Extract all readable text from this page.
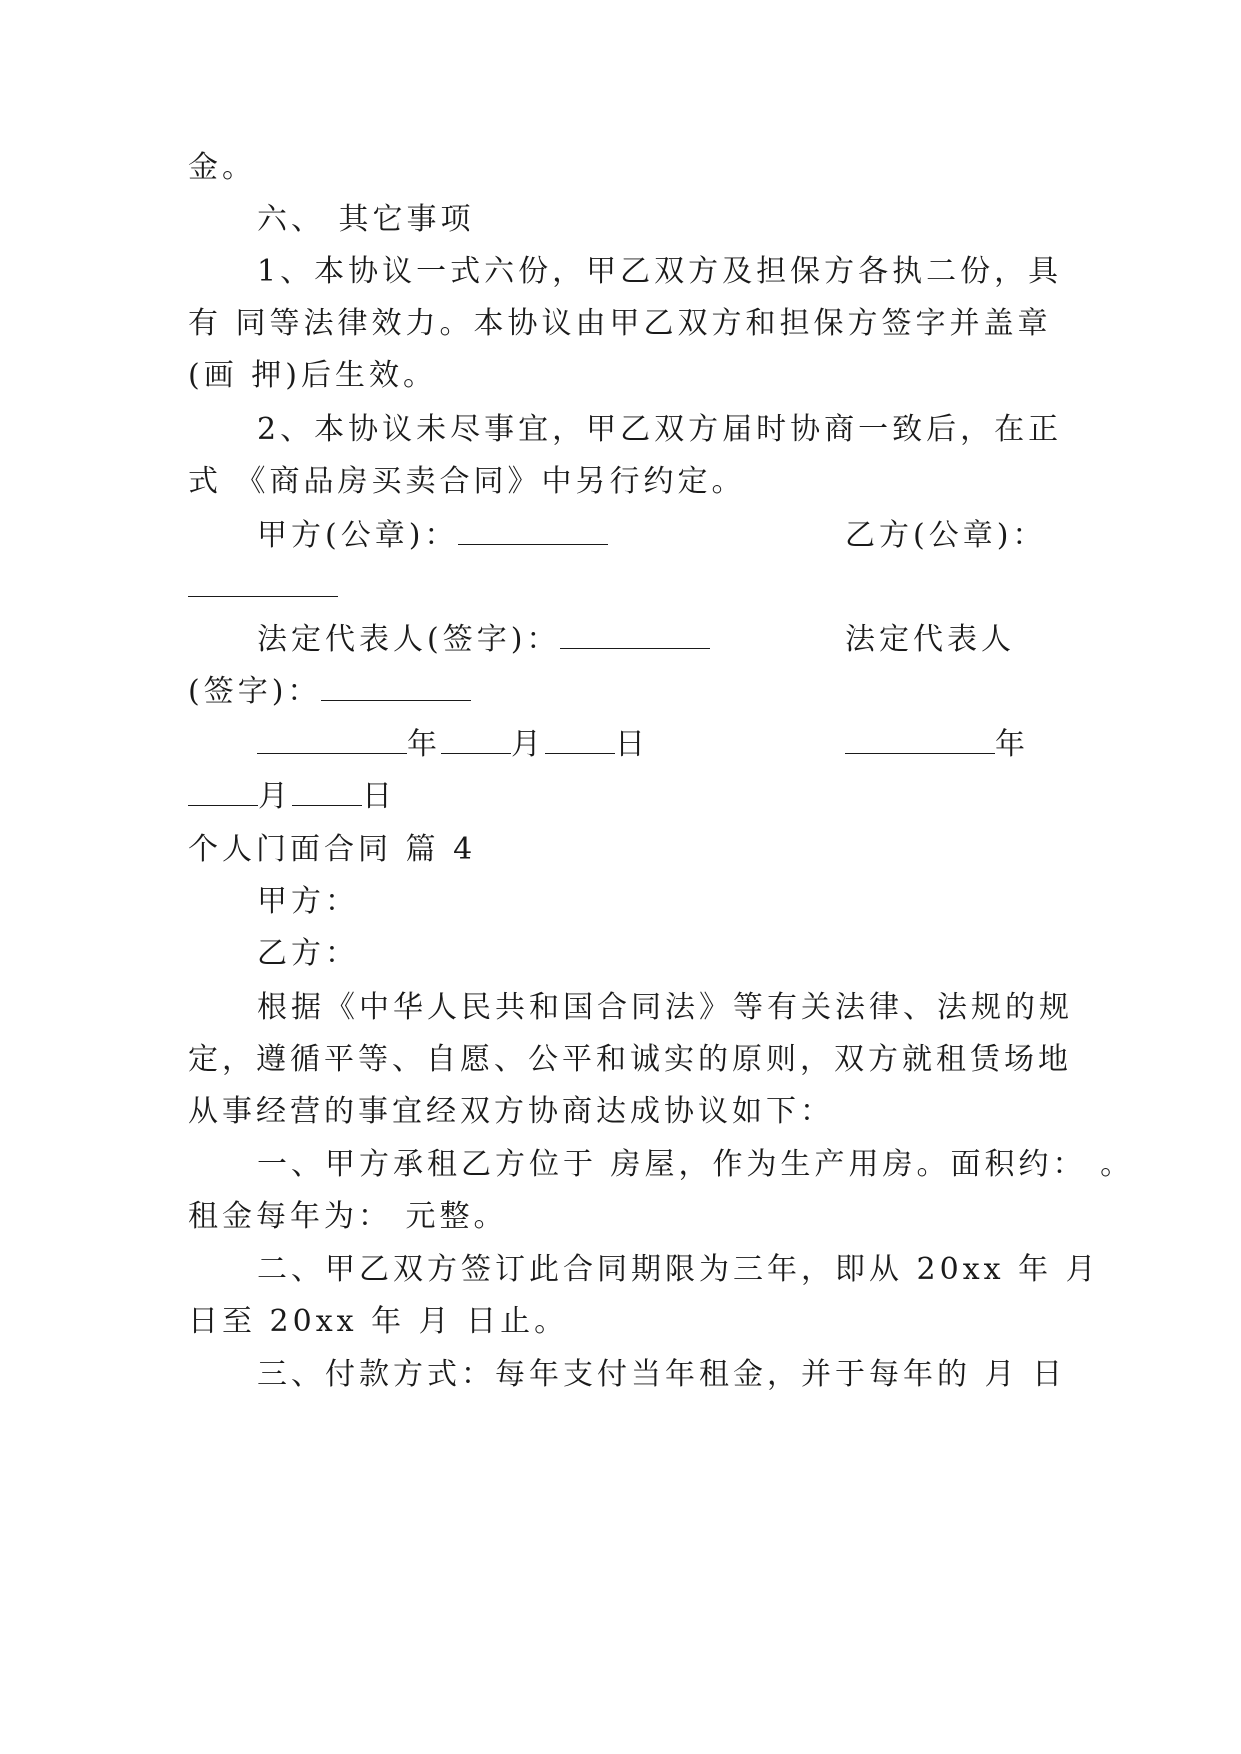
金。
六、 其它事项
1、本协议一式六份，甲乙双方及担保方各执二份，具
有 同等法律效力。本协议由甲乙双方和担保方签字并盖章
(画 押)后生效。
2、本协议未尽事宜，甲乙双方届时协商一致后，在正
式 《商品房买卖合同》中另行约定。
甲方(公章)：	乙方(公章)：
法定代表人(签字)：	法定代表人
(签字)：
年 月 日	年
月 日
个人门面合同 篇 4
甲方：
乙方：
根据《中华人民共和国合同法》等有关法律、法规的规
定，遵循平等、自愿、公平和诚实的原则，双方就租赁场地
从事经营的事宜经双方协商达成协议如下：
一、甲方承租乙方位于 房屋，作为生产用房。面积约： 。
租金每年为： 元整。
二、甲乙双方签订此合同期限为三年，即从 20xx 年 月
日至 20xx 年 月 日止。
三、付款方式：每年支付当年租金，并于每年的 月 日
